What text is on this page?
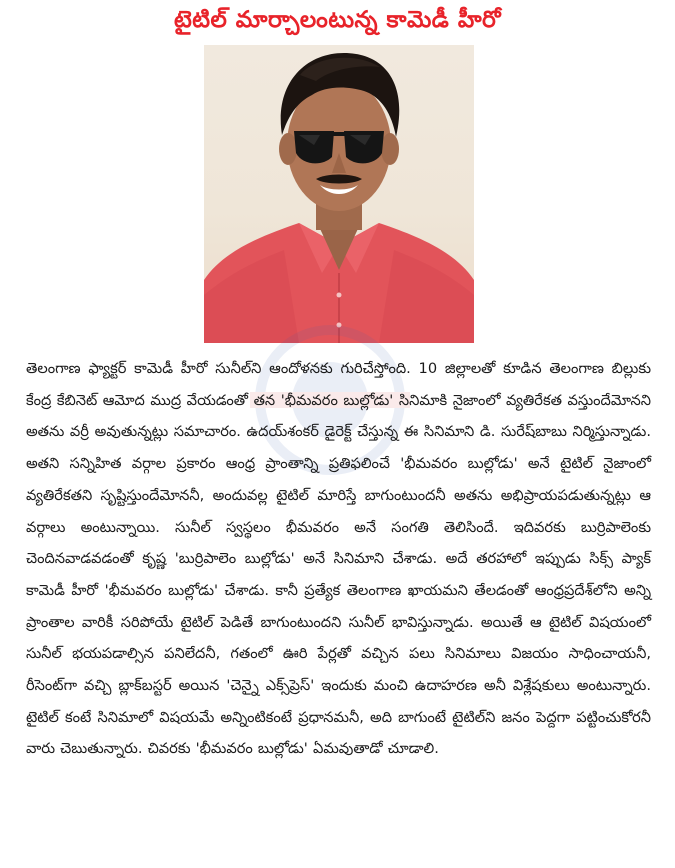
టైటిల్ మార్చాలంటున్న కామెడీ హీరో
తెలంగాణ ఫ్యాక్టర్ కామెడీ హీరో సునీల్‌ని ఆందోళనకు గురిచేస్తోంది. 10 జిల్లాలతో కూడిన తెలంగాణ బిల్లుకు కేంద్ర కేబినెట్ ఆమోద ముద్ర వేయడంతో తన 'భీమవరం బుల్లోడు' సినిమాకి నైజాంలో వ్యతిరేకత వస్తుందేమోనని అతను వర్రీ అవుతున్నట్లు సమాచారం. ఉదయ్‌శంకర్ డైరెక్ట్ చేస్తున్న ఈ సినిమాని డి. సురేష్‌బాబు నిర్మిస్తున్నాడు. అతని సన్నిహిత వర్గాల ప్రకారం ఆంధ్ర ప్రాంతాన్ని ప్రతిఫలించే 'భీమవరం బుల్లోడు' అనే టైటిల్ నైజాంలో వ్యతిరేకతని సృష్టిస్తుందేమోననీ, అందువల్ల టైటిల్ మారిస్తే బాగుంటుందనీ అతను అభిప్రాయపడుతున్నట్లు ఆ వర్గాలు అంటున్నాయి. సునీల్ స్వస్థలం భీమవరం అనే సంగతి తెలిసిందే. ఇదివరకు బుర్రిపాలెంకు చెందినవాడవడంతో కృష్ణ 'బుర్రిపాలెం బుల్లోడు' అనే సినిమాని చేశాడు. అదే తరహాలో ఇప్పుడు సిక్స్ ప్యాక్ కామెడీ హీరో 'భీమవరం బుల్లోడు' చేశాడు. కానీ ప్రత్యేక తెలంగాణ ఖాయమని తేలడంతో ఆంధ్రప్రదేశ్‌లోని అన్ని ప్రాంతాల వారికీ సరిపోయే టైటిల్ పెడితే బాగుంటుందని సునీల్ భావిస్తున్నాడు. అయితే ఆ టైటిల్ విషయంలో సునీల్ భయపడాల్సిన పనిలేదనీ, గతంలో ఊరి పేర్లతో వచ్చిన పలు సినిమాలు విజయం సాధించాయనీ, రీసెంట్‌గా వచ్చి బ్లాక్‌బస్టర్ అయిన 'చెన్నై ఎక్స్‌ప్రెస్' ఇందుకు మంచి ఉదాహరణ అనీ విశ్లేషకులు అంటున్నారు. టైటిల్ కంటే సినిమాలో విషయమే అన్నింటికంటే ప్రధానమనీ, అది బాగుంటే టైటిల్‌ని జనం పెద్దగా పట్టించుకోరనీ వారు చెబుతున్నారు. చివరకు 'భీమవరం బుల్లోడు' ఏమవుతాడో చూడాలి.
